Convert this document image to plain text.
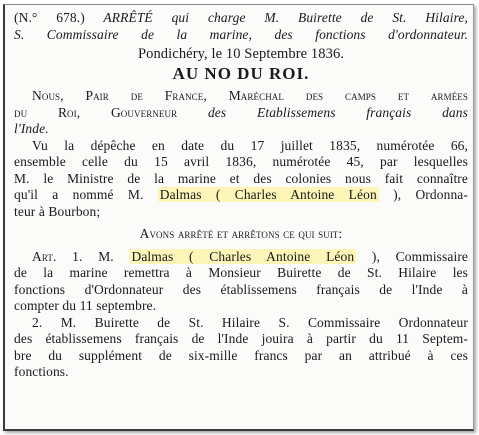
(N.° 678.) ARRÊTÉ qui charge M. Buirette de St. Hilaire,
S. Commissaire de la marine, des fonctions d'ordonnateur.
Pondichéry, le 10 Septembre 1836.
AU NO DU ROI.
Nous, Pair de France, Maréchal des camps et armées
du Roi, Gouverneur des Etablissemens français dans
l'Inde.
Vu la dépêche en date du 17 juillet 1835, numérotée 66,
ensemble celle du 15 avril 1836, numérotée 45, par lesquelles
M. le Ministre de la marine et des colonies nous fait connaître
qu'il a nommé M. Dalmas ( Charles Antoine Léon ), Ordonna-
teur à Bourbon;
Avons arrêté et arrêtons ce qui suit:
Art. 1. M. Dalmas ( Charles Antoine Léon ), Commissaire
de la marine remettra à Monsieur Buirette de St. Hilaire les
fonctions d'Ordonnateur des établissemens français de l'Inde à
compter du 11 septembre.
2. M. Buirette de St. Hilaire S. Commissaire Ordonnateur
des établissemens français de l'Inde jouira à partir du 11 Septem-
bre du supplément de six-mille francs par an attribué à ces
fonctions.
